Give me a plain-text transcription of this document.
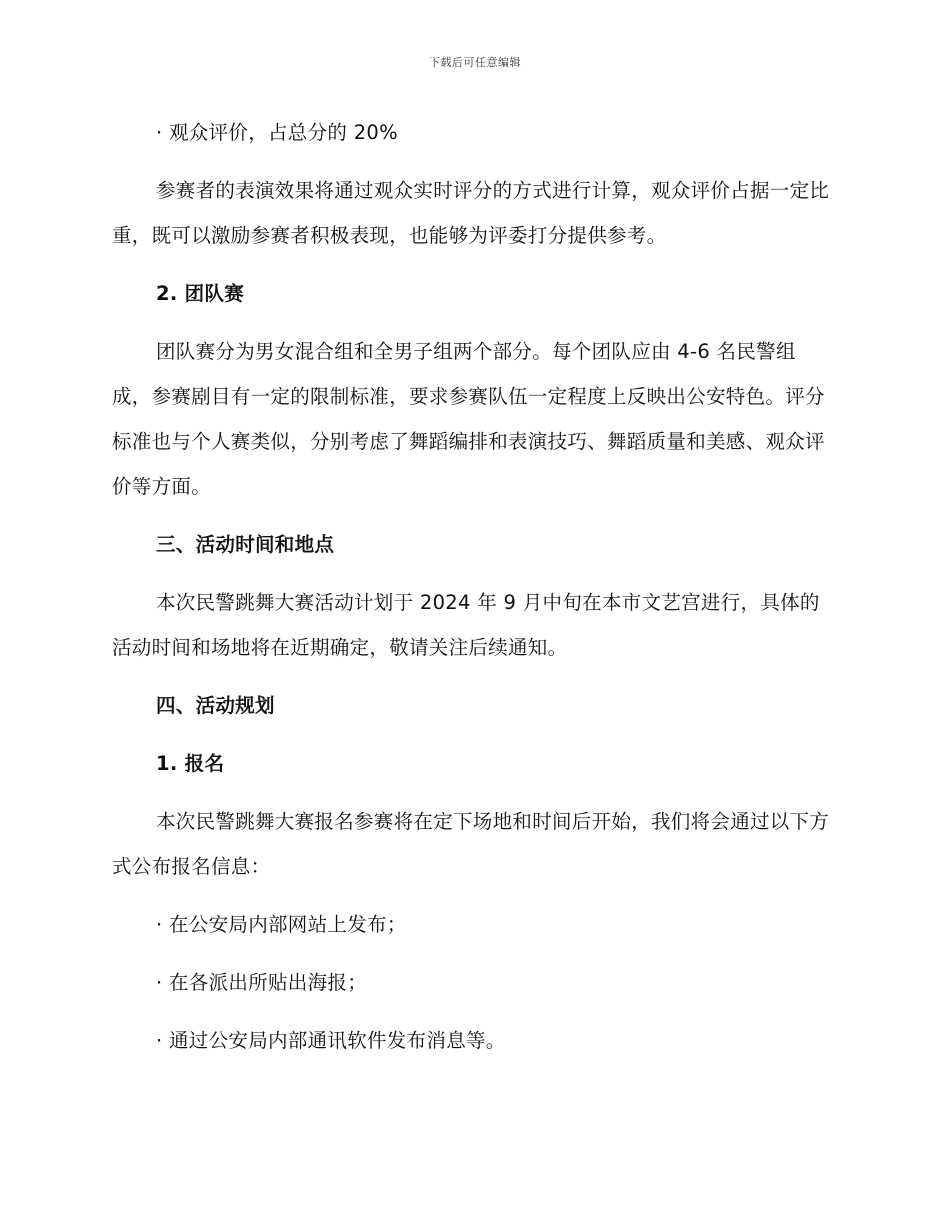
下载后可任意编辑

· 观众评价，占总分的 20%

参赛者的表演效果将通过观众实时评分的方式进行计算，观众评价占据一定比重，既可以激励参赛者积极表现，也能够为评委打分提供参考。

2. 团队赛

团队赛分为男女混合组和全男子组两个部分。每个团队应由 4-6 名民警组成，参赛剧目有一定的限制标准，要求参赛队伍一定程度上反映出公安特色。评分标准也与个人赛类似，分别考虑了舞蹈编排和表演技巧、舞蹈质量和美感、观众评价等方面。

三、活动时间和地点

本次民警跳舞大赛活动计划于 2024 年 9 月中旬在本市文艺宫进行，具体的活动时间和场地将在近期确定，敬请关注后续通知。

四、活动规划

1. 报名

本次民警跳舞大赛报名参赛将在定下场地和时间后开始，我们将会通过以下方式公布报名信息：

· 在公安局内部网站上发布；

· 在各派出所贴出海报；

· 通过公安局内部通讯软件发布消息等。
